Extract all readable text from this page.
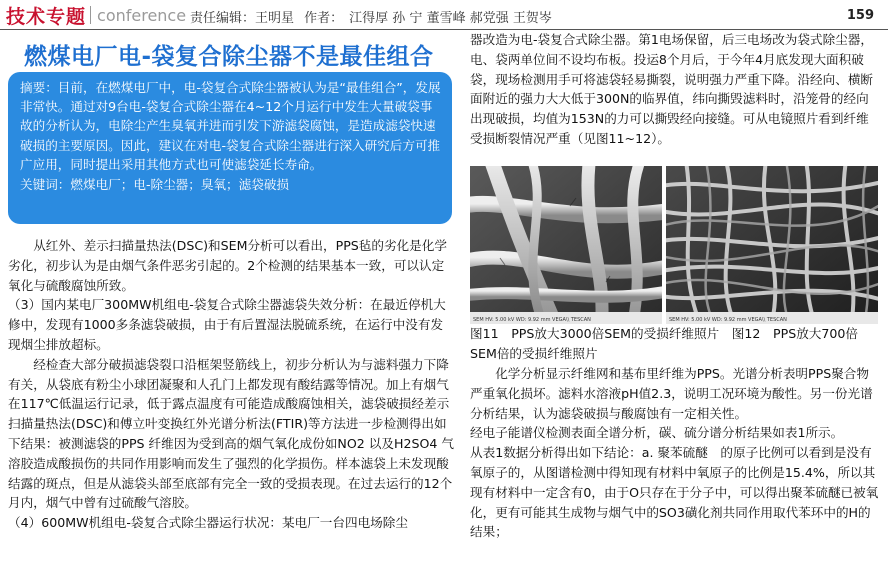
技术专题 conference 责任编辑：王明星 作者： 江得厚 孙 宁 董雪峰 郝党强 王贺岑	159
燃煤电厂电-袋复合除尘器不是最佳组合

摘要：目前，在燃煤电厂中，电-袋复合式除尘器被认为是“最佳组合”，发展非常快。通过对9台电-袋复合式除尘器在4~12个月运行中发生大量破袋事故的分析认为，电除尘产生臭氧并进而引发下游滤袋腐蚀，是造成滤袋快速破损的主要原因。因此，建议在对电-袋复合式除尘器进行深入研究后方可推广应用，同时提出采用其他方式也可使滤袋延长寿命。

关键词：燃煤电厂；电-除尘器；臭氧；滤袋破损

从红外、差示扫描量热法(DSC)和SEM分析可以看出，PPS毡的劣化是化学劣化，初步认为是由烟气条件恶劣引起的。2个检测的结果基本一致，可以认定氧化与硫酸腐蚀所致。

（3）国内某电厂300MW机组电-袋复合式除尘器滤袋失效分析：在最近停机大修中，发现有1000多条滤袋破损，由于有后置湿法脱硫系统，在运行中没有发现烟尘排放超标。

经检查大部分破损滤袋裂口沿框架竖筋线上，初步分析认为与滤料强力下降有关，从袋底有粉尘小球团凝聚和人孔门上都发现有酸结露等情况。加上有烟气在117℃低温运行记录，低于露点温度有可能造成酸腐蚀相关，滤袋破损经差示扫描量热法(DSC)和傅立叶变换红外光谱分析法(FTIR)等方法进一步检测得出如下结果：被测滤袋的PPS 纤维因为受到高的烟气氧化成份如NO2 以及H2SO4 气溶胶造成酸损伤的共同作用影响而发生了强烈的化学损伤。样本滤袋上未发现酸结露的斑点，但是从滤袋头部至底部有完全一致的受损表现。在过去运行的12个月内，烟气中曾有过硫酸气溶胶。

（4）600MW机组电-袋复合式除尘器运行状况：某电厂一台四电场除尘

器改造为电-袋复合式除尘器。第1电场保留，后三电场改为袋式除尘器，电、袋两单位间不设均布板。投运8个月后，于今年4月底发现大面积破袋，现场检测用手可将滤袋轻易撕裂，说明强力严重下降。沿经向、横断面附近的强力大大低于300N的临界值，纬向撕毁滤料时，沿笼骨的经向出现破损，均值为153N的力可以撕毁经向接缝。可从电镜照片看到纤维受损断裂情况严重（见图11~12）。

SEM HV: 5.00 kV WD: 9.92 mm VEGA\\ TESCAN	SEM HV: 5.00 kV WD: 9.92 mm VEGA\\ TESCAN
图11　PPS放大3000倍SEM的受损纤维照片　图12　PPS放大700倍SEM倍的受损纤维照片

化学分析显示纤维网和基布里纤维为PPS。光谱分析表明PPS聚合物严重氧化损坏。滤料水溶液pH值2.3，说明工况环境为酸性。另一份光谱分析结果，认为滤袋破损与酸腐蚀有一定相关性。

经电子能谱仪检测表面全谱分析，碳、硫分谱分析结果如表1所示。

从表1数据分析得出如下结论：a. 聚苯硫醚　的原子比例可以看到是没有氧原子的，从图谱检测中得知现有材料中氧原子的比例是15.4%，所以其现有材料中一定含有0，由于O只存在于分子中，可以得出聚苯硫醚已被氧化，更有可能其生成物与烟气中的SO3磺化剂共同作用取代苯环中的H的结果；
